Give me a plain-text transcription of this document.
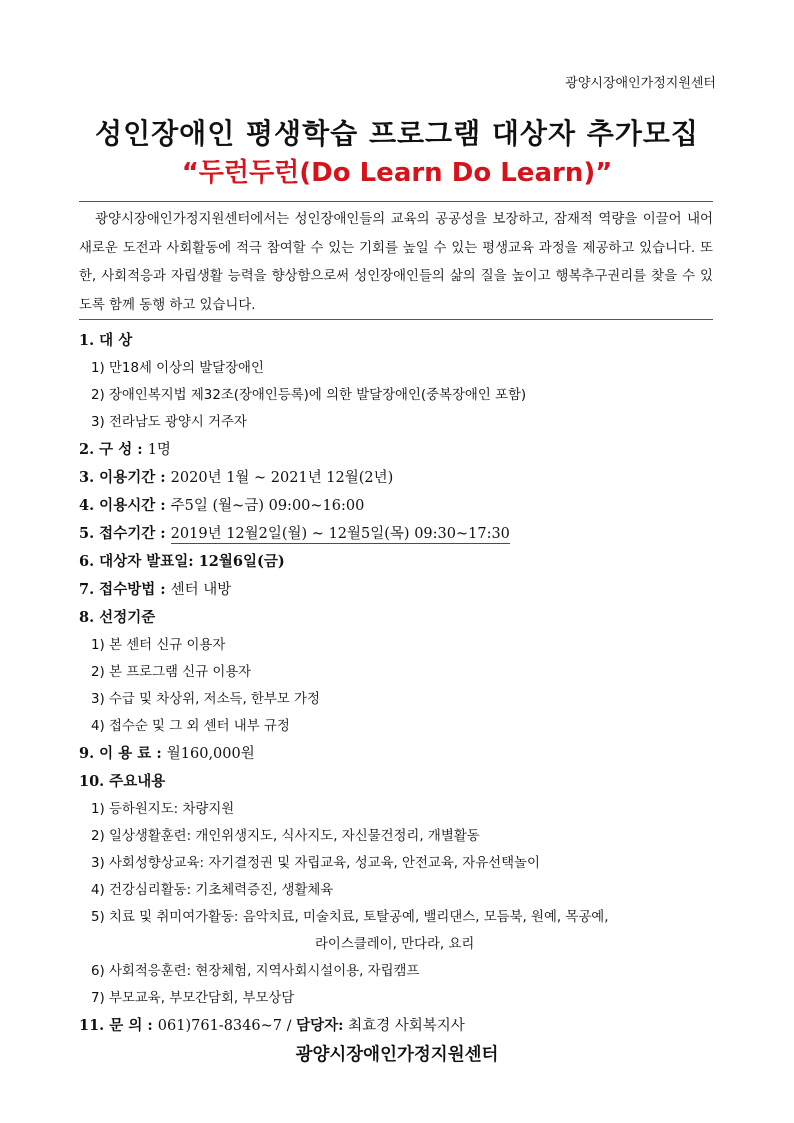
광양시장애인가정지원센터
성인장애인 평생학습 프로그램 대상자 추가모집
“두런두런(Do Learn Do Learn)”
광양시장애인가정지원센터에서는 성인장애인들의 교육의 공공성을 보장하고, 잠재적 역량을 이끌어 내어 새로운 도전과 사회활동에 적극 참여할 수 있는 기회를 높일 수 있는 평생교육 과정을 제공하고 있습니다. 또한, 사회적응과 자립생활 능력을 향상함으로써 성인장애인들의 삶의 질을 높이고 행복추구권리를 찾을 수 있도록 함께 동행 하고 있습니다.
1. 대 상
1) 만18세 이상의 발달장애인
2) 장애인복지법 제32조(장애인등록)에 의한 발달장애인(중복장애인 포함)
3) 전라남도 광양시 거주자
2. 구 성 : 1명
3. 이용기간 : 2020년 1월 ~ 2021년 12월(2년)
4. 이용시간 : 주5일 (월~금) 09:00~16:00
5. 접수기간 : 2019년 12월2일(월) ~ 12월5일(목) 09:30~17:30
6. 대상자 발표일: 12월6일(금)
7. 접수방법 : 센터 내방
8. 선정기준
1) 본 센터 신규 이용자
2) 본 프로그램 신규 이용자
3) 수급 및 차상위, 저소득, 한부모 가정
4) 접수순 및 그 외 센터 내부 규정
9. 이 용 료 : 월160,000원
10. 주요내용
1) 등하원지도: 차량지원
2) 일상생활훈련: 개인위생지도, 식사지도, 자신물건정리, 개별활동
3) 사회성향상교육: 자기결정권 및 자립교육, 성교육, 안전교육, 자유선택놀이
4) 건강심리활동: 기초체력증진, 생활체육
5) 치료 및 취미여가활동: 음악치료, 미술치료, 토탈공예, 밸리댄스, 모듬북, 원예, 목공예,
라이스클레이, 만다라, 요리
6) 사회적응훈련: 현장체험, 지역사회시설이용, 자립캠프
7) 부모교육, 부모간담회, 부모상담
11. 문 의 : 061)761-8346~7 / 담당자: 최효경 사회복지사
광양시장애인가정지원센터
